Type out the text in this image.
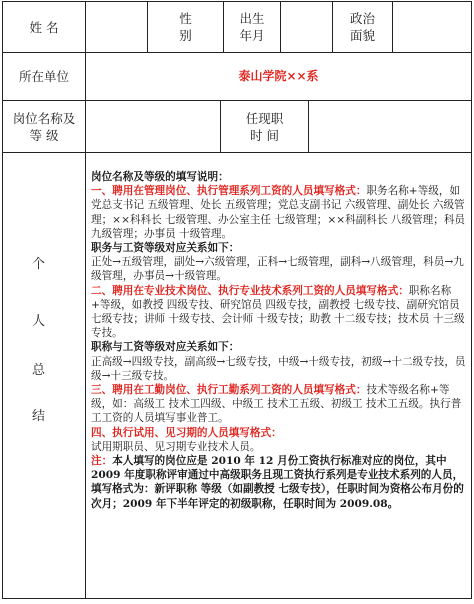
姓 名
性
别
出生
年月
政治
面貌
所在单位	泰山学院××系
岗位名称及
等 级
任现职
时 间
个
人
总
结

岗位名称及等级的填写说明：

一、聘用在管理岗位、执行管理系列工资的人员填写格式：职务名称+等级，如党总支书记 五级管理、处长 五级管理；党总支副书记 六级管理、副处长 六级管理；××科科长 七级管理、办公室主任 七级管理；××科副科长 八级管理；科员 九级管理；办事员 十级管理。

职务与工资等级对应关系如下：

正处→五级管理，副处→六级管理，正科→七级管理，副科→八级管理，科员→九级管理，办事员→十级管理。

二、聘用在专业技术岗位、执行专业技术系列工资的人员填写格式：职称名称+等级，如教授 四级专技、研究馆员 四级专技，副教授 七级专技、副研究馆员 七级专技；讲师 十级专技、会计师 十级专技；助教 十二级专技；技术员 十三级专技。

职称与工资等级对应关系如下：

正高级→四级专技，副高级→七级专技，中级→十级专技，初级→十二级专技，员级→十三级专技。

三、聘用在工勤岗位、执行工勤系列工资的人员填写格式：技术等级名称+等级，如：高级工 技术工四级、中级工 技术工五级、初级工 技术工五级。执行普工工资的人员填写事业普工。

四、执行试用、见习期的人员填写格式：

试用期职员、见习期专业技术人员。

注：本人填写的岗位应是 2010 年 12 月份工资执行标准对应的岗位，其中 2009 年度职称评审通过中高级职务且现工资执行系列是专业技术系列的人员，填写格式为：新评职称 等级（如副教授 七级专技），任职时间为资格公布月份的次月；2009 年下半年评定的初级职称，任职时间为 2009.08。
